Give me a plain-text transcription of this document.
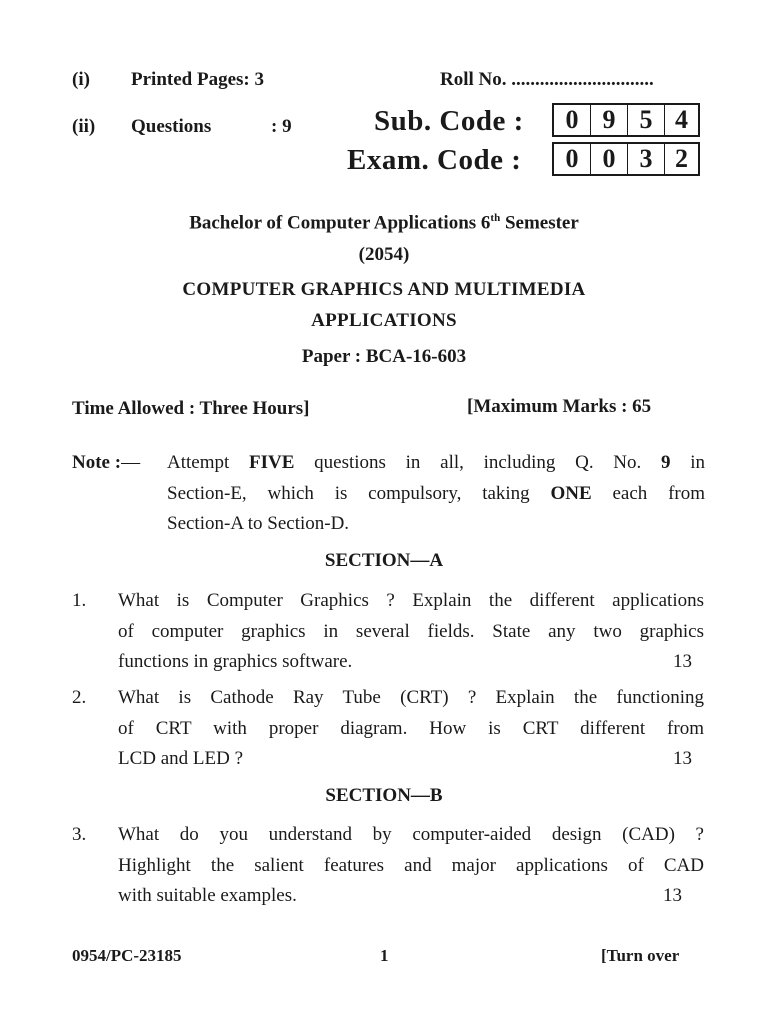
(i) Printed Pages: 3	Roll No. ..............................
(ii) Questions	: 9	Sub. Code :	0 9 5 4
Exam. Code :	0 0 3 2
Bachelor of Computer Applications 6th Semester
(2054)
COMPUTER GRAPHICS AND MULTIMEDIA
APPLICATIONS
Paper : BCA-16-603
Time Allowed : Three Hours]	[Maximum Marks : 65
Note :— Attempt FIVE questions in all, including Q. No. 9 in
Section-E, which is compulsory, taking ONE each from
Section-A to Section-D.
SECTION—A
1. What is Computer Graphics ? Explain the different applications
of computer graphics in several fields. State any two graphics
functions in graphics software.	13
2. What is Cathode Ray Tube (CRT) ? Explain the functioning
of CRT with proper diagram. How is CRT different from
LCD and LED ?	13
SECTION—B
3. What do you understand by computer-aided design (CAD) ?
Highlight the salient features and major applications of CAD
with suitable examples.	13
0954/PC-23185	1	[Turn over
